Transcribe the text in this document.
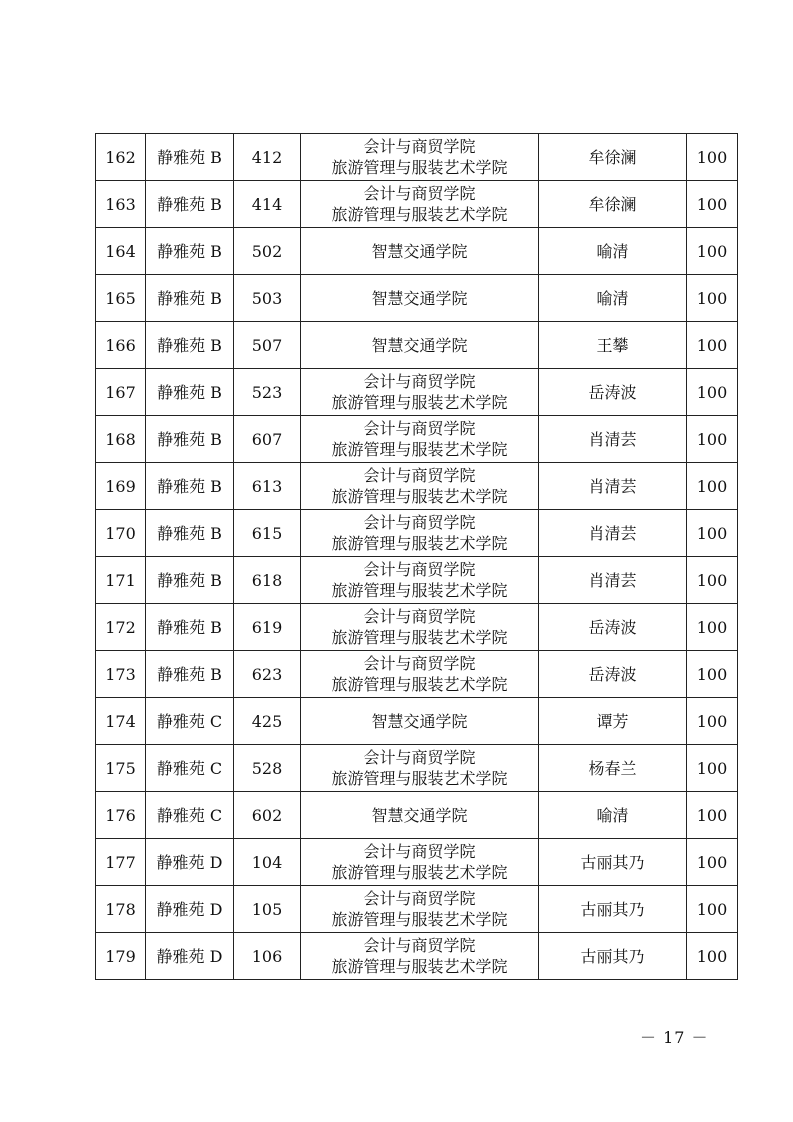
162	静雅苑 B	412	会计与商贸学院
旅游管理与服装艺术学院	牟徐澜	100
163	静雅苑 B	414	会计与商贸学院
旅游管理与服装艺术学院	牟徐澜	100
164	静雅苑 B	502	智慧交通学院	喻清	100
165	静雅苑 B	503	智慧交通学院	喻清	100
166	静雅苑 B	507	智慧交通学院	王攀	100
167	静雅苑 B	523	会计与商贸学院
旅游管理与服装艺术学院	岳涛波	100
168	静雅苑 B	607	会计与商贸学院
旅游管理与服装艺术学院	肖清芸	100
169	静雅苑 B	613	会计与商贸学院
旅游管理与服装艺术学院	肖清芸	100
170	静雅苑 B	615	会计与商贸学院
旅游管理与服装艺术学院	肖清芸	100
171	静雅苑 B	618	会计与商贸学院
旅游管理与服装艺术学院	肖清芸	100
172	静雅苑 B	619	会计与商贸学院
旅游管理与服装艺术学院	岳涛波	100
173	静雅苑 B	623	会计与商贸学院
旅游管理与服装艺术学院	岳涛波	100
174	静雅苑 C	425	智慧交通学院	谭芳	100
175	静雅苑 C	528	会计与商贸学院
旅游管理与服装艺术学院	杨春兰	100
176	静雅苑 C	602	智慧交通学院	喻清	100
177	静雅苑 D	104	会计与商贸学院
旅游管理与服装艺术学院	古丽其乃	100
178	静雅苑 D	105	会计与商贸学院
旅游管理与服装艺术学院	古丽其乃	100
179	静雅苑 D	106	会计与商贸学院
旅游管理与服装艺术学院	古丽其乃	100
－ 17 －
